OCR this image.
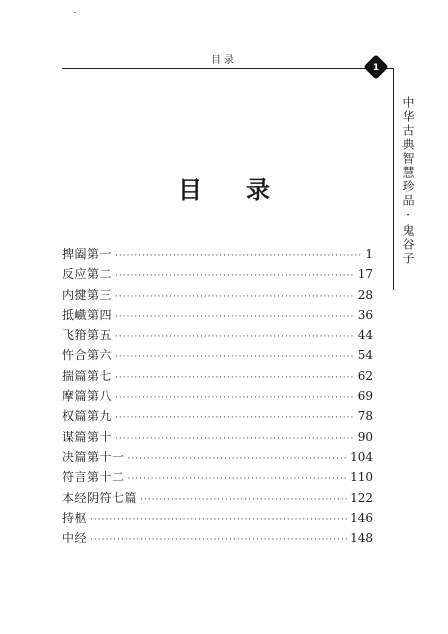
目录
1
中华古典智慧珍品·鬼谷子
目录
捭阖第一 ·····	1
反应第二 ·····	17
内揵第三 ·····	28
抵巇第四 ·····	36
飞箝第五 ·····	44
忤合第六 ·····	54
揣篇第七 ·····	62
摩篇第八 ·····	69
权篇第九 ·····	78
谋篇第十 ·····	90
决篇第十一 ·····	104
符言第十二 ·····	110
本经阴符七篇 ·····	122
持枢 ·····	146
中经 ·····	148
